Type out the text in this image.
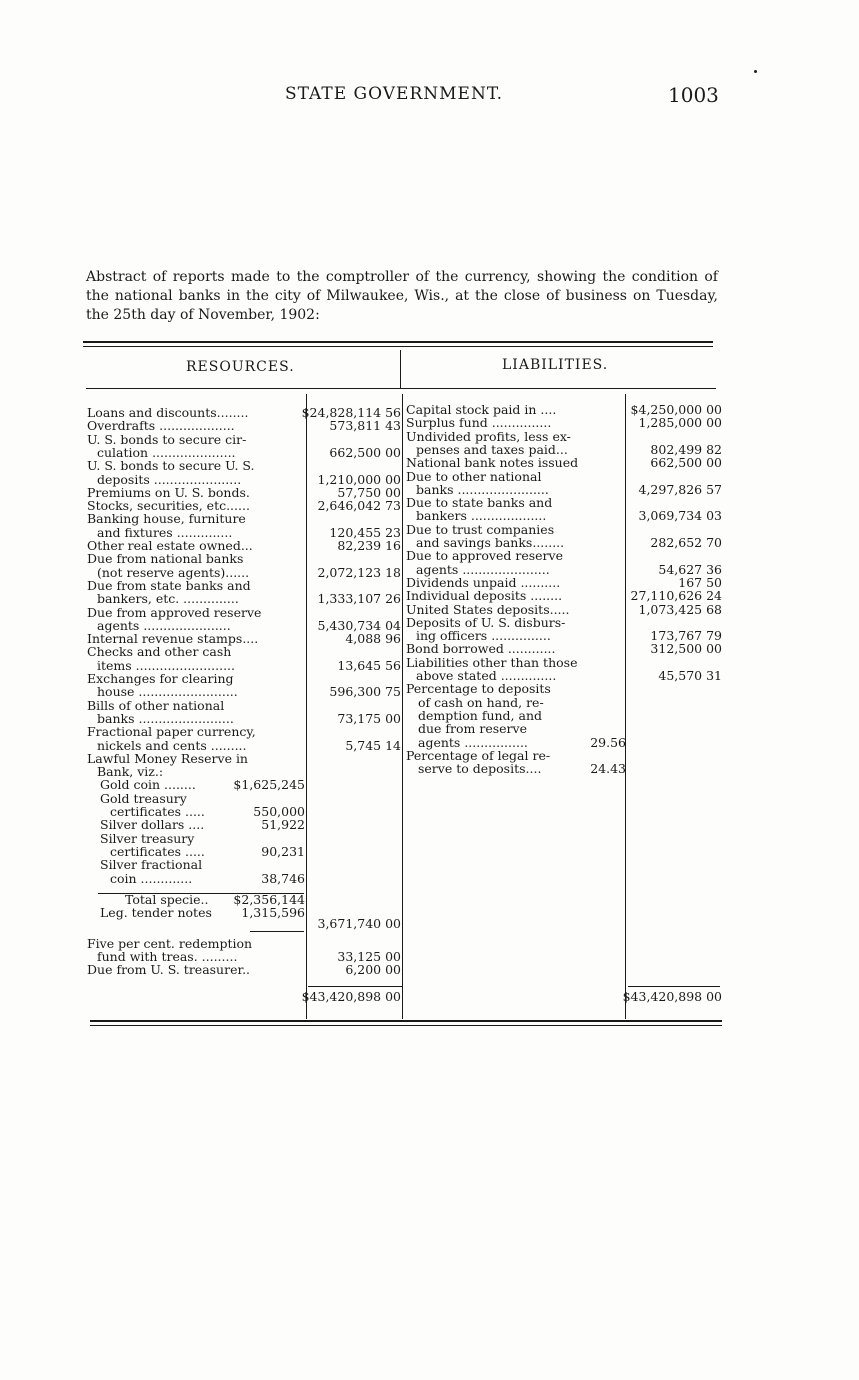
STATE GOVERNMENT.	1003
Abstract of reports made to the comptroller of the currency, showing the condition of the national banks in the city of Milwaukee, Wis., at the close of business on Tuesday, the 25th day of November, 1902:
RESOURCES.	LIABILITIES.
Loans and discounts........	$24,828,114 56
Overdrafts ...................	573,811 43
U. S. bonds to secure cir-
culation .....................	662,500 00
U. S. bonds to secure U. S.
deposits ......................	1,210,000 00
Premiums on U. S. bonds.	57,750 00
Stocks, securities, etc......	2,646,042 73
Banking house, furniture
and fixtures ..............	120,455 23
Other real estate owned...	82,239 16
Due from national banks
(not reserve agents)......	2,072,123 18
Due from state banks and
bankers, etc. ..............	1,333,107 26
Due from approved reserve
agents ......................	5,430,734 04
Internal revenue stamps....	4,088 96
Checks and other cash
items .........................	13,645 56
Exchanges for clearing
house .........................	596,300 75
Bills of other national
banks ........................	73,175 00
Fractional paper currency,
nickels and cents .........	5,745 14
Lawful Money Reserve in
Bank, viz.:
Gold coin ........	$1,625,245
Gold treasury
certificates .....	550,000
Silver dollars ....	51,922
Silver treasury
certificates .....	90,231
Silver fractional
coin .............	38,746
Total specie.. $2,356,144
Leg. tender notes 1,315,596
3,671,740 00
Five per cent. redemption
fund with treas. .........	33,125 00
Due from U. S. treasurer..	6,200 00
$43,420,898 00
Capital stock paid in ....	$4,250,000 00
Surplus fund ...............	1,285,000 00
Undivided profits, less ex-
penses and taxes paid...	802,499 82
National bank notes issued	662,500 00
Due to other national
banks .......................	4,297,826 57
Due to state banks and
bankers ...................	3,069,734 03
Due to trust companies
and savings banks........	282,652 70
Due to approved reserve
agents ......................	54,627 36
Dividends unpaid ..........	167 50
Individual deposits ........	27,110,626 24
United States deposits.....	1,073,425 68
Deposits of U. S. disburs-
ing officers ...............	173,767 79
Bond borrowed ............	312,500 00
Liabilities other than those
above stated ..............	45,570 31
Percentage to deposits
of cash on hand, re-
demption fund, and
due from reserve
agents ................	29.56
Percentage of legal re-
serve to deposits....	24.43
$43,420,898 00
